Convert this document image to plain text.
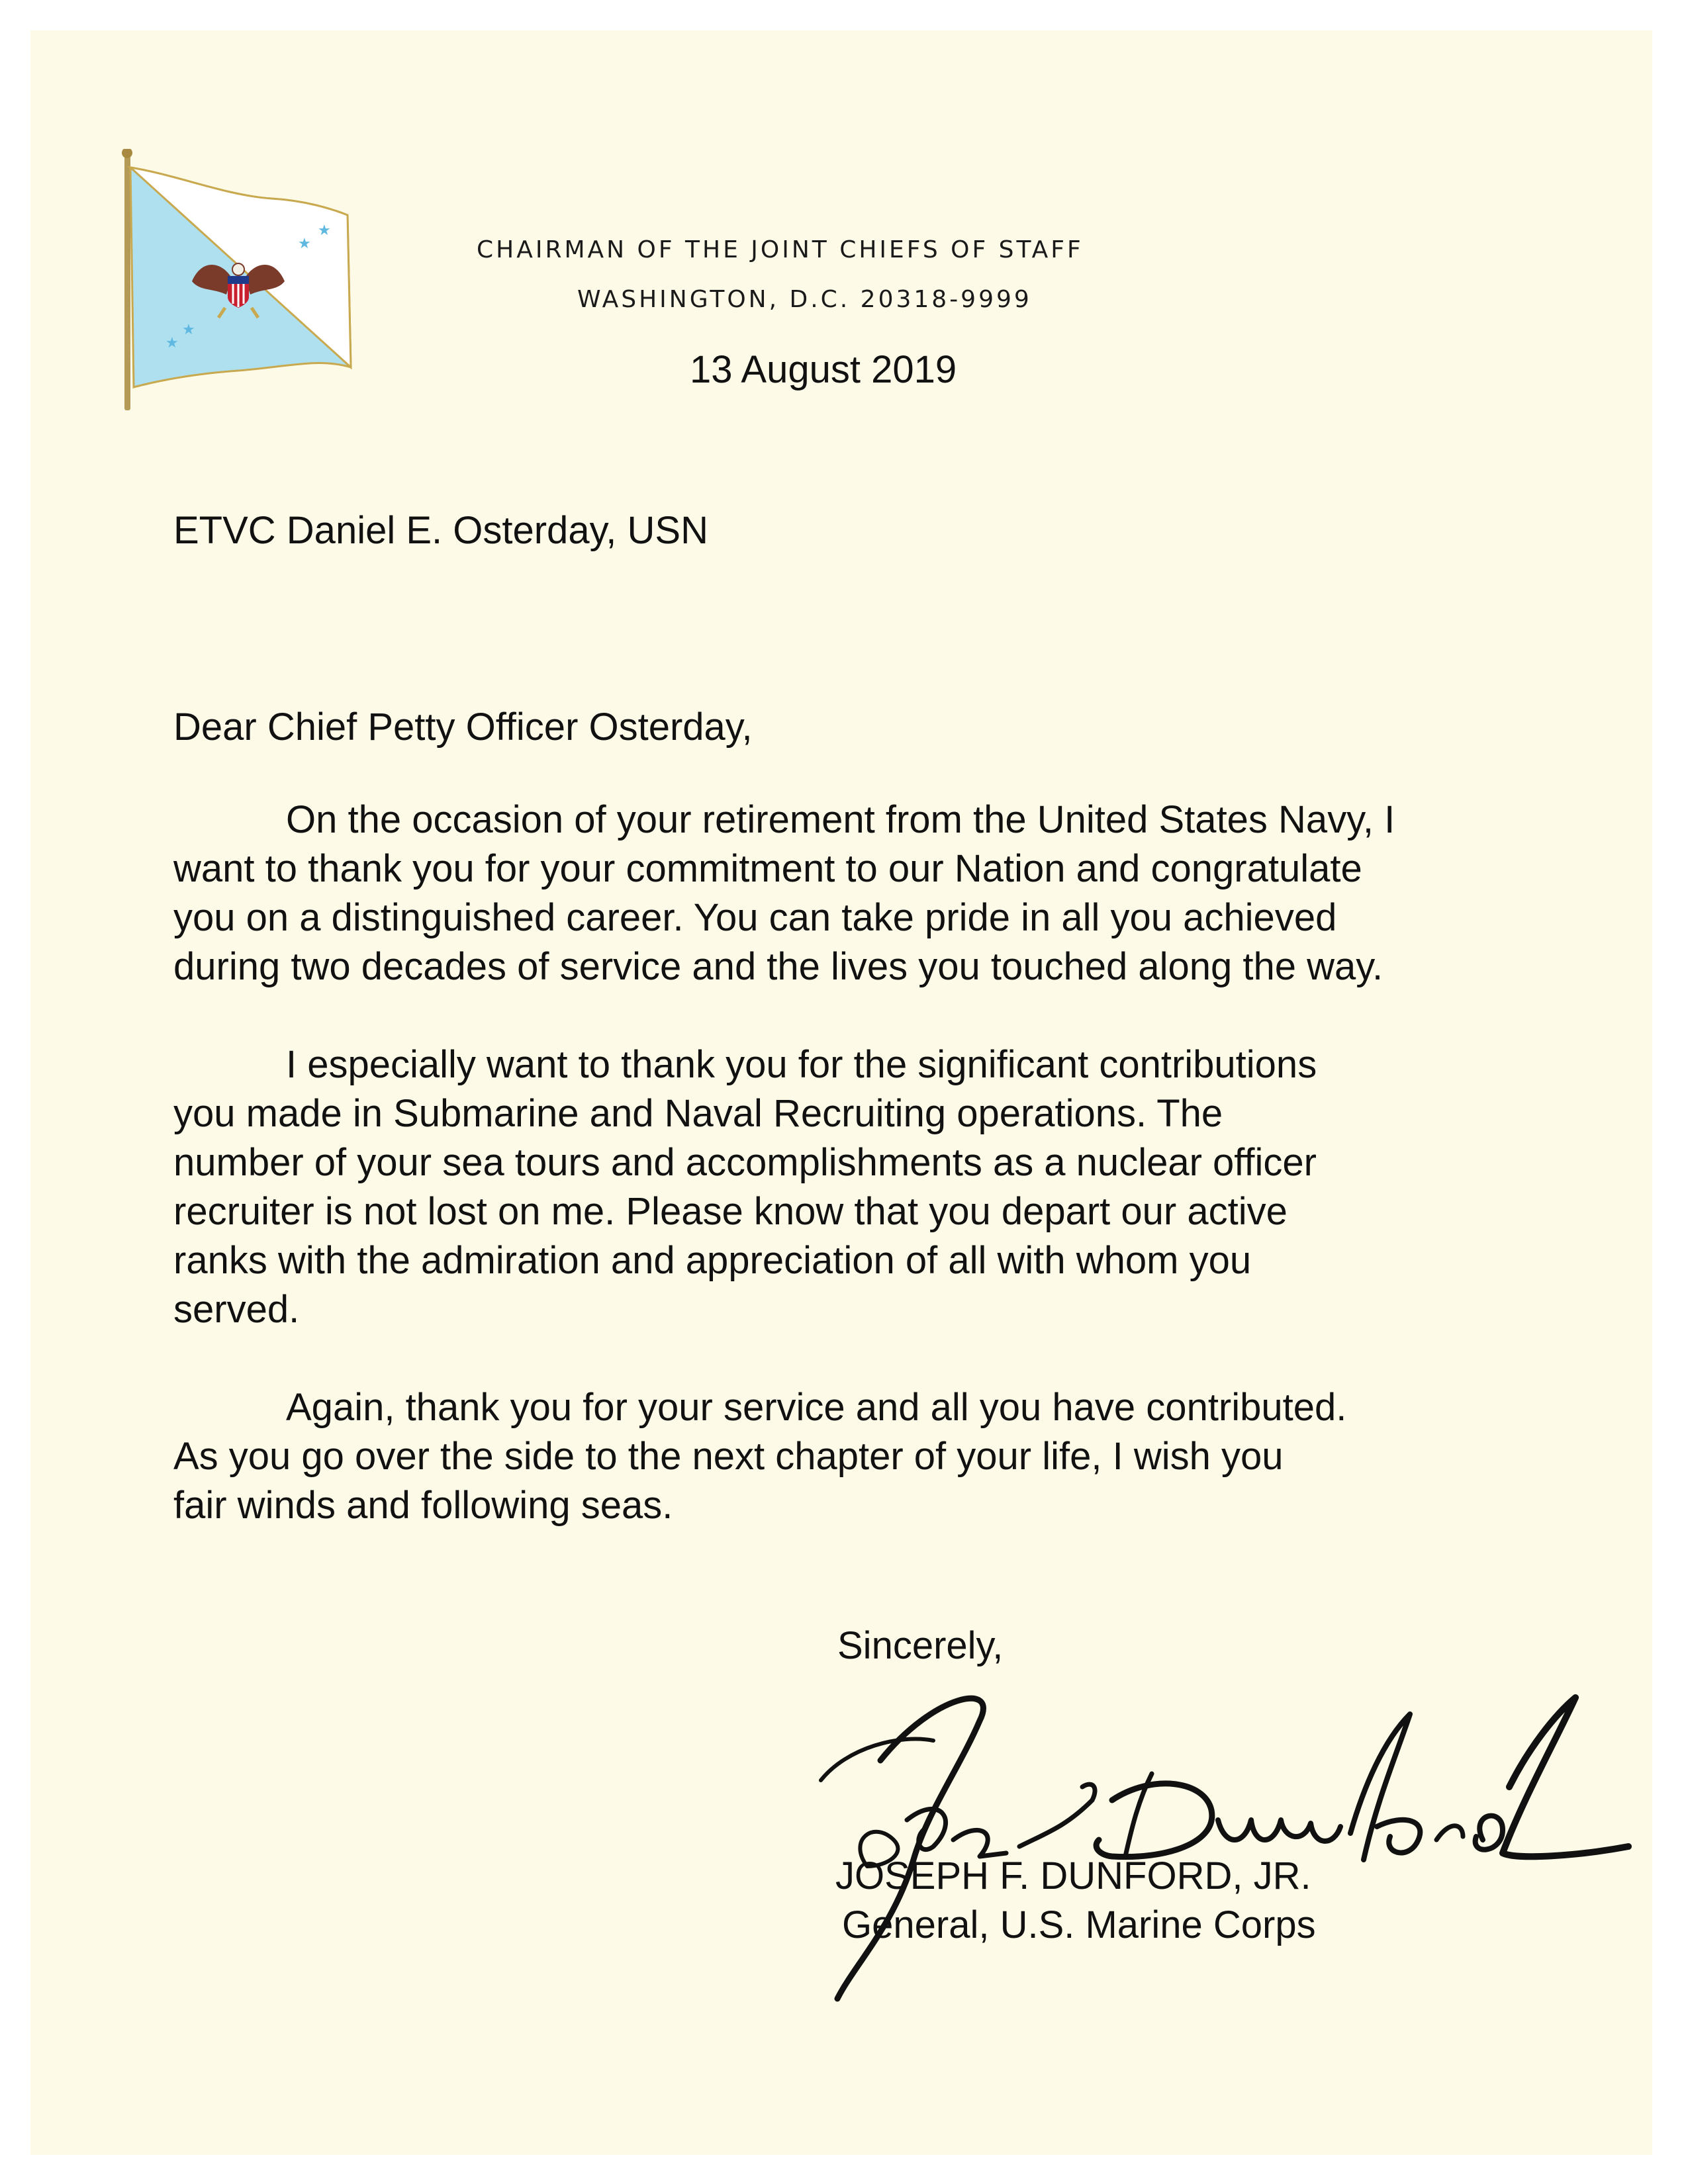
★
★
★
★
CHAIRMAN OF THE JOINT CHIEFS OF STAFF
WASHINGTON, D.C. 20318-9999
13 August 2019
ETVC Daniel E. Osterday, USN
Dear Chief Petty Officer Osterday,
On the occasion of your retirement from the United States Navy, I
want to thank you for your commitment to our Nation and congratulate
you on a distinguished career. You can take pride in all you achieved
during two decades of service and the lives you touched along the way.
I especially want to thank you for the significant contributions
you made in Submarine and Naval Recruiting operations. The
number of your sea tours and accomplishments as a nuclear officer
recruiter is not lost on me. Please know that you depart our active
ranks with the admiration and appreciation of all with whom you
served.
Again, thank you for your service and all you have contributed.
As you go over the side to the next chapter of your life, I wish you
fair winds and following seas.
Sincerely,
JOSEPH F. DUNFORD, JR.
General, U.S. Marine Corps
